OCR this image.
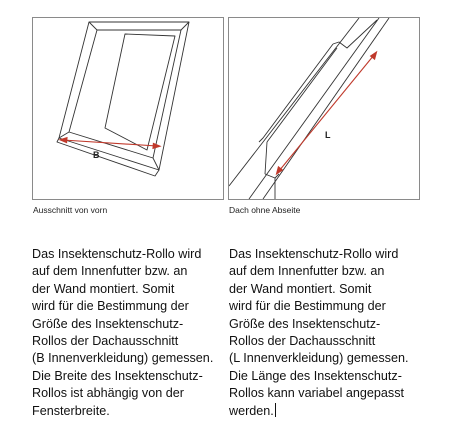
B
Ausschnitt von vorn
L
Dach ohne Abseite

Das Insektenschutz-Rollo wird

auf dem Innenfutter bzw. an

der Wand montiert. Somit

wird für die Bestimmung der

Größe des Insektenschutz-

Rollos der Dachausschnitt

(B Innenverkleidung) gemessen.

Die Breite des Insektenschutz-

Rollos ist abhängig von der

Fensterbreite.

Das Insektenschutz-Rollo wird

auf dem Innenfutter bzw. an

der Wand montiert. Somit

wird für die Bestimmung der

Größe des Insektenschutz-

Rollos der Dachausschnitt

(L Innenverkleidung) gemessen.

Die Länge des Insektenschutz-

Rollos kann variabel angepasst

werden.
